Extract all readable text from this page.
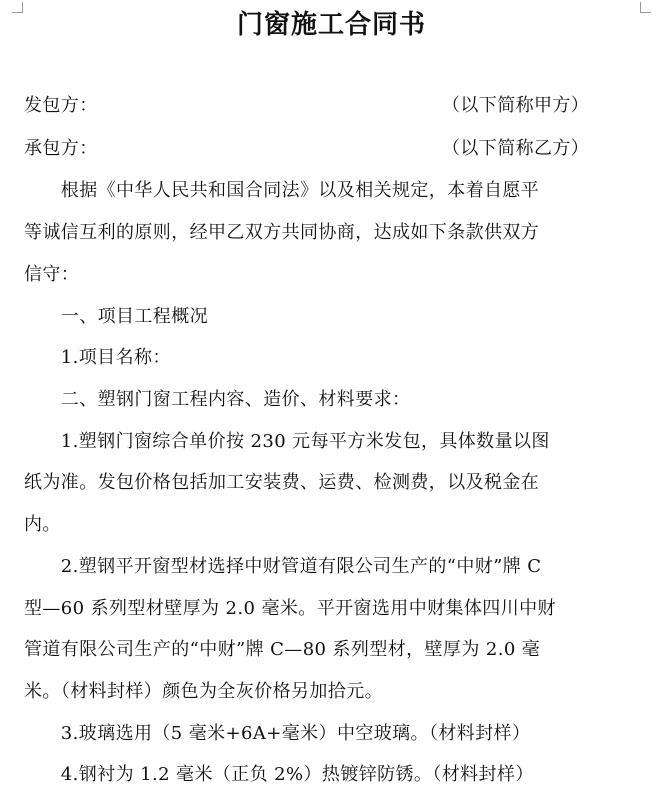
门窗施工合同书
发包方：	（以下简称甲方）
承包方：	（以下简称乙方）
　　根据《中华人民共和国合同法》以及相关规定，本着自愿平
等诚信互利的原则，经甲乙双方共同协商，达成如下条款供双方
信守：
　　一、项目工程概况
　　1.项目名称：
　　二、塑钢门窗工程内容、造价、材料要求：
　　1.塑钢门窗综合单价按 230 元每平方米发包，具体数量以图
纸为准。发包价格包括加工安装费、运费、检测费，以及税金在
内。
　　2.塑钢平开窗型材选择中财管道有限公司生产的“中财”牌 C
型—60 系列型材壁厚为 2.0 毫米。平开窗选用中财集体四川中财
管道有限公司生产的“中财”牌 C—80 系列型材，壁厚为 2.0 毫
米。（材料封样）颜色为全灰价格另加拾元。
　　3.玻璃选用（5 毫米+6A+毫米）中空玻璃。（材料封样）
　　4.钢衬为 1.2 毫米（正负 2%）热镀锌防锈。（材料封样）
